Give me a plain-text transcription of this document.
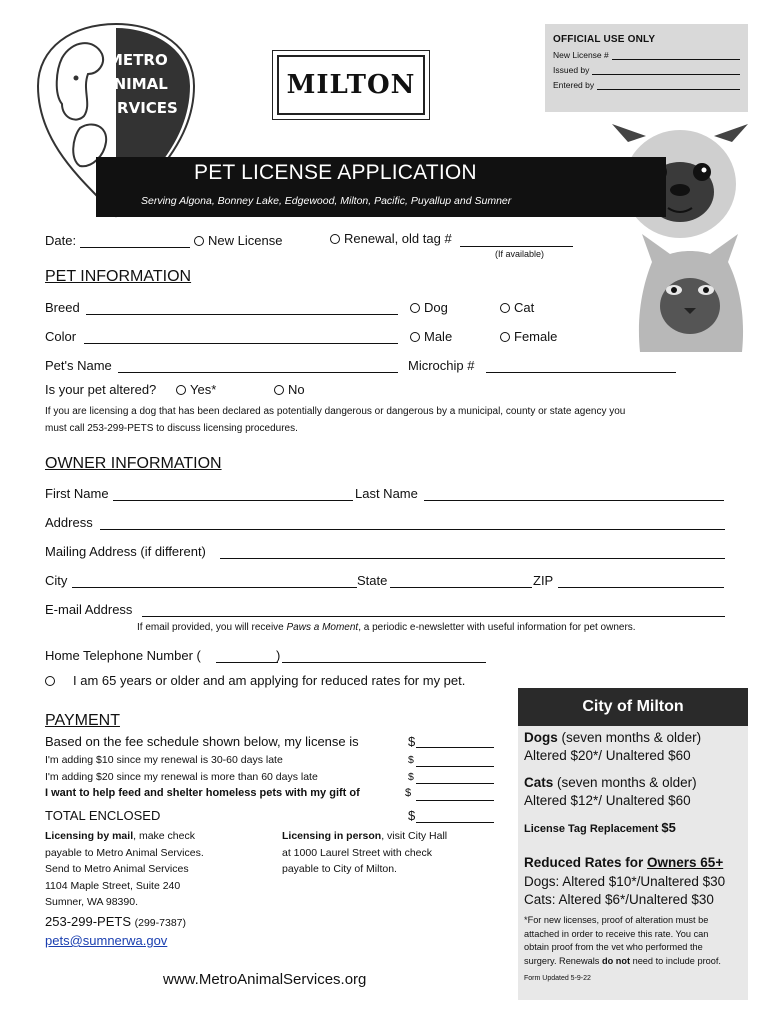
METRO
ANIMAL
SERVICES
MILTON
OFFICIAL USE ONLY
New License #
Issued by
Entered by
PET LICENSE APPLICATION
Serving Algona, Bonney Lake, Edgewood, Milton, Pacific, Puyallup and Sumner
Date:	New License	Renewal, old tag #
(If available)
PET INFORMATION
Breed	Dog	Cat
Color	Male	Female
Pet's Name	Microchip #
Is your pet altered?	Yes*	No
If you are licensing a dog that has been declared as potentially dangerous or dangerous by a municipal, county or state agency you
must call 253-299-PETS to discuss licensing procedures.
OWNER INFORMATION
First Name	Last Name
Address
Mailing Address (if different)
City	State	ZIP
E-mail Address
If email provided, you will receive Paws a Moment, a periodic e-newsletter with useful information for pet owners.
Home Telephone Number (	)
I am 65 years or older and am applying for reduced rates for my pet.
PAYMENT
Based on the fee schedule shown below, my license is	$
I'm adding $10 since my renewal is 30-60 days late	$
I'm adding $20 since my renewal is more than 60 days late	$
I want to help feed and shelter homeless pets with my gift of	$
TOTAL ENCLOSED	$
Licensing by mail, make check
payable to Metro Animal Services.
Send to Metro Animal Services
1104 Maple Street, Suite 240
Sumner, WA 98390.
Licensing in person, visit City Hall
at 1000 Laurel Street with check
payable to City of Milton.
253-299-PETS (299-7387)
pets@sumnerwa.gov
www.MetroAnimalServices.org
City of Milton
Dogs (seven months & older)
Altered $20*/ Unaltered $60
Cats (seven months & older)
Altered $12*/ Unaltered $60
License Tag Replacement $5
Reduced Rates for Owners 65+
Dogs: Altered $10*/Unaltered $30
Cats: Altered $6*/Unaltered $30
*For new licenses, proof of alteration must be
attached in order to receive this rate. You can
obtain proof from the vet who performed the
surgery. Renewals do not need to include proof.
Form Updated 5-9-22
